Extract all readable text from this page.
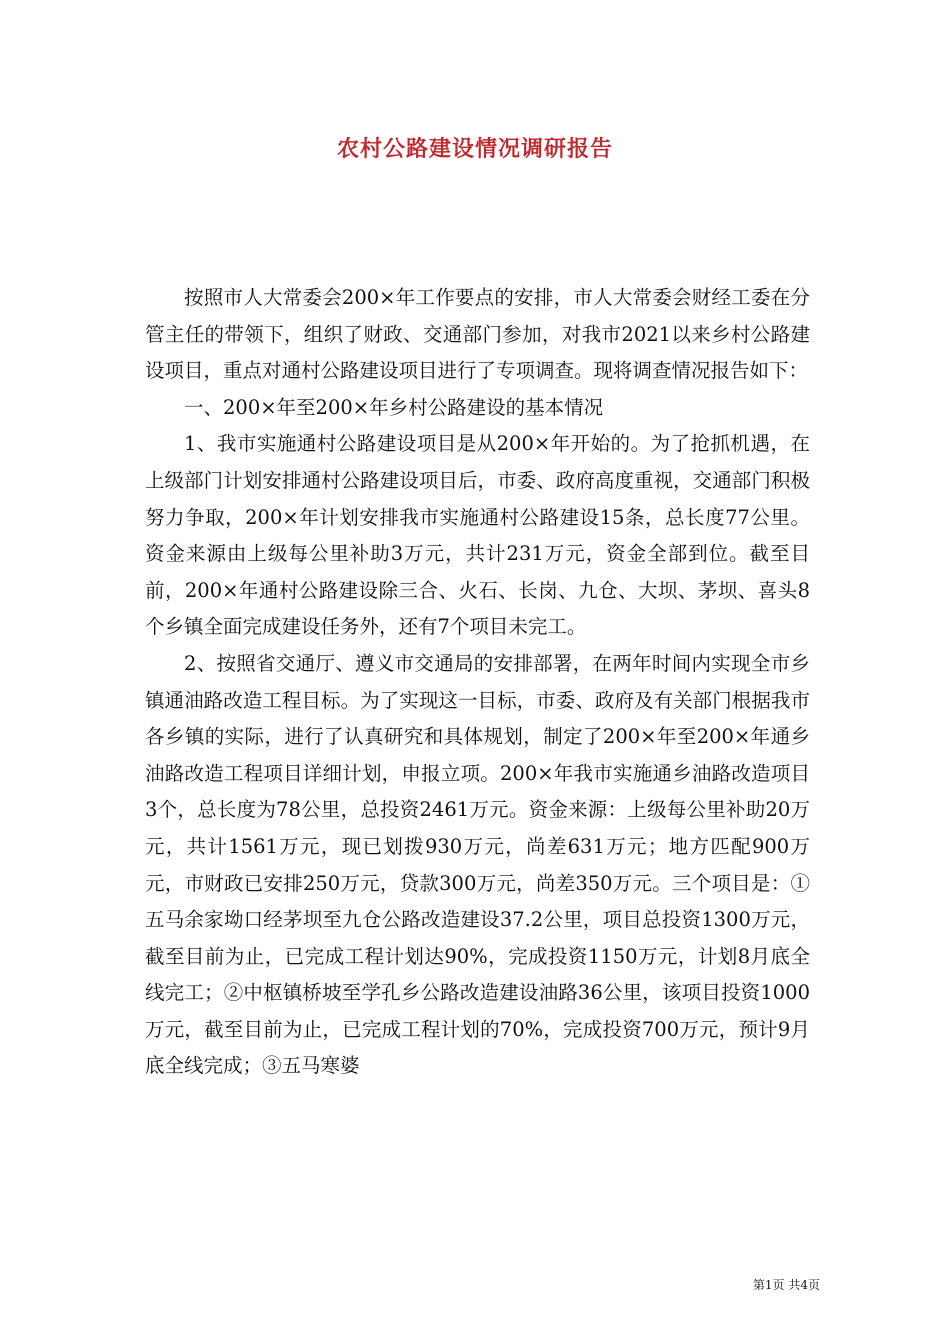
农村公路建设情况调研报告

按照市人大常委会200×年工作要点的安排，市人大常委会财经工委在分管主任的带领下，组织了财政、交通部门参加，对我市2021以来乡村公路建设项目，重点对通村公路建设项目进行了专项调查。现将调查情况报告如下：

一、200×年至200×年乡村公路建设的基本情况

1、我市实施通村公路建设项目是从200×年开始的。为了抢抓机遇，在上级部门计划安排通村公路建设项目后，市委、政府高度重视，交通部门积极努力争取，200×年计划安排我市实施通村公路建设15条，总长度77公里。资金来源由上级每公里补助3万元，共计231万元，资金全部到位。截至目前，200×年通村公路建设除三合、火石、长岗、九仓、大坝、茅坝、喜头8个乡镇全面完成建设任务外，还有7个项目未完工。

2、按照省交通厅、遵义市交通局的安排部署，在两年时间内实现全市乡镇通油路改造工程目标。为了实现这一目标，市委、政府及有关部门根据我市各乡镇的实际，进行了认真研究和具体规划，制定了200×年至200×年通乡油路改造工程项目详细计划，申报立项。200×年我市实施通乡油路改造项目3个，总长度为78公里，总投资2461万元。资金来源：上级每公里补助20万元，共计1561万元，现已划拨930万元，尚差631万元；地方匹配900万元，市财政已安排250万元，贷款300万元，尚差350万元。三个项目是：①五马余家坳口经茅坝至九仓公路改造建设37.2公里，项目总投资1300万元，截至目前为止，已完成工程计划达90%，完成投资1150万元，计划8月底全线完工；②中枢镇桥坡至学孔乡公路改造建设油路36公里，该项目投资1000万元，截至目前为止，已完成工程计划的70%，完成投资700万元，预计9月底全线完成；③五马寒婆

第1页 共4页
